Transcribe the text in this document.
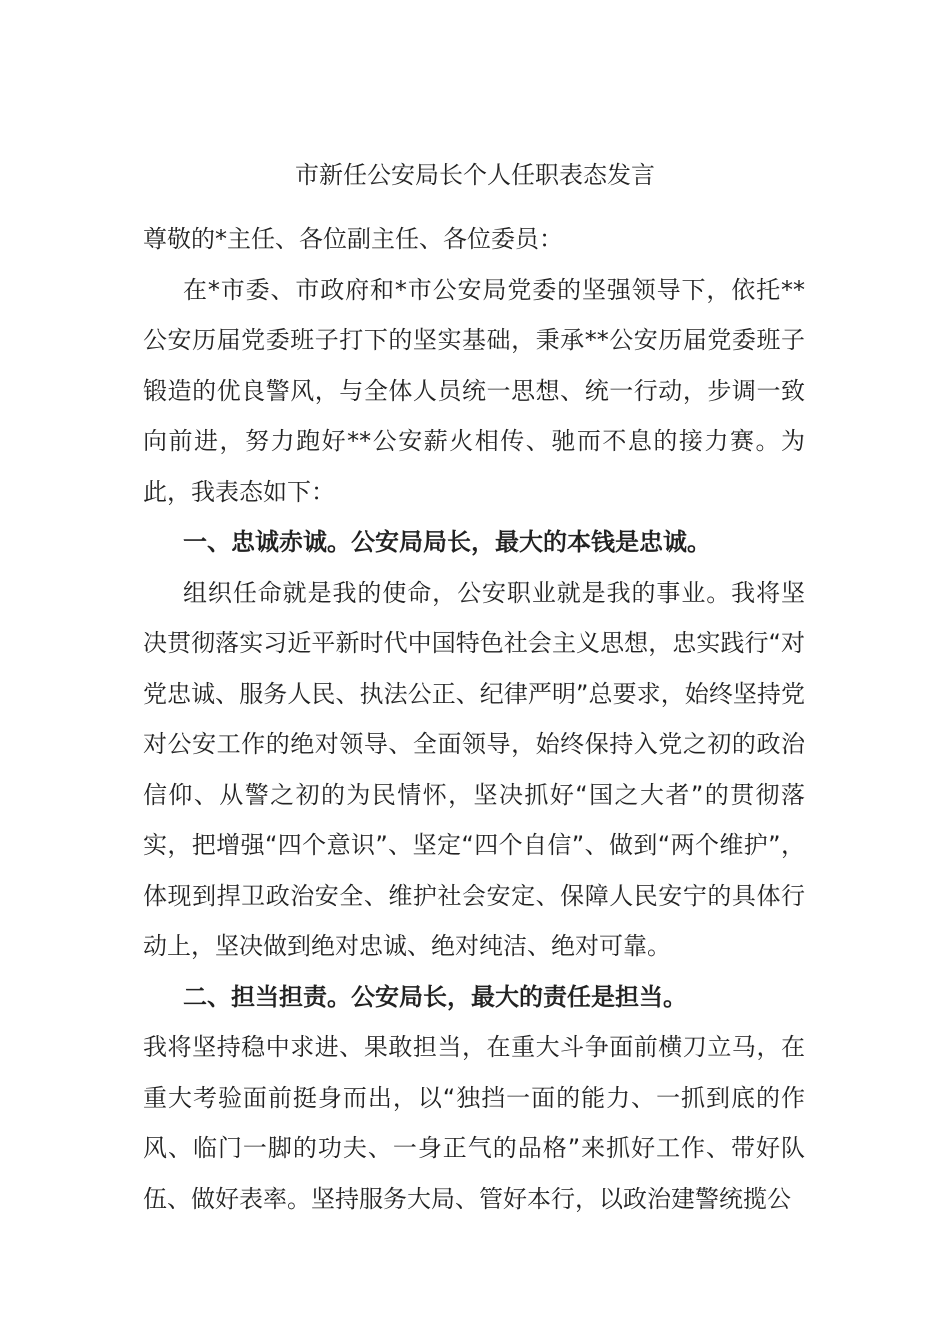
市新任公安局长个人任职表态发言

尊敬的*主任、各位副主任、各位委员：

在*市委、市政府和*市公安局党委的坚强领导下，依托**公安历届党委班子打下的坚实基础，秉承**公安历届党委班子锻造的优良警风，与全体人员统一思想、统一行动，步调一致向前进，努力跑好**公安薪火相传、驰而不息的接力赛。为此，我表态如下：

一、忠诚赤诚。公安局局长，最大的本钱是忠诚。

组织任命就是我的使命，公安职业就是我的事业。我将坚决贯彻落实习近平新时代中国特色社会主义思想，忠实践行“对党忠诚、服务人民、执法公正、纪律严明”总要求，始终坚持党对公安工作的绝对领导、全面领导，始终保持入党之初的政治信仰、从警之初的为民情怀，坚决抓好“国之大者”的贯彻落实，把增强“四个意识”、坚定“四个自信”、做到“两个维护”，体现到捍卫政治安全、维护社会安定、保障人民安宁的具体行动上，坚决做到绝对忠诚、绝对纯洁、绝对可靠。

二、担当担责。公安局长，最大的责任是担当。

我将坚持稳中求进、果敢担当，在重大斗争面前横刀立马，在重大考验面前挺身而出，以“独挡一面的能力、一抓到底的作风、临门一脚的功夫、一身正气的品格”来抓好工作、带好队伍、做好表率。坚持服务大局、管好本行，以政治建警统揽公
